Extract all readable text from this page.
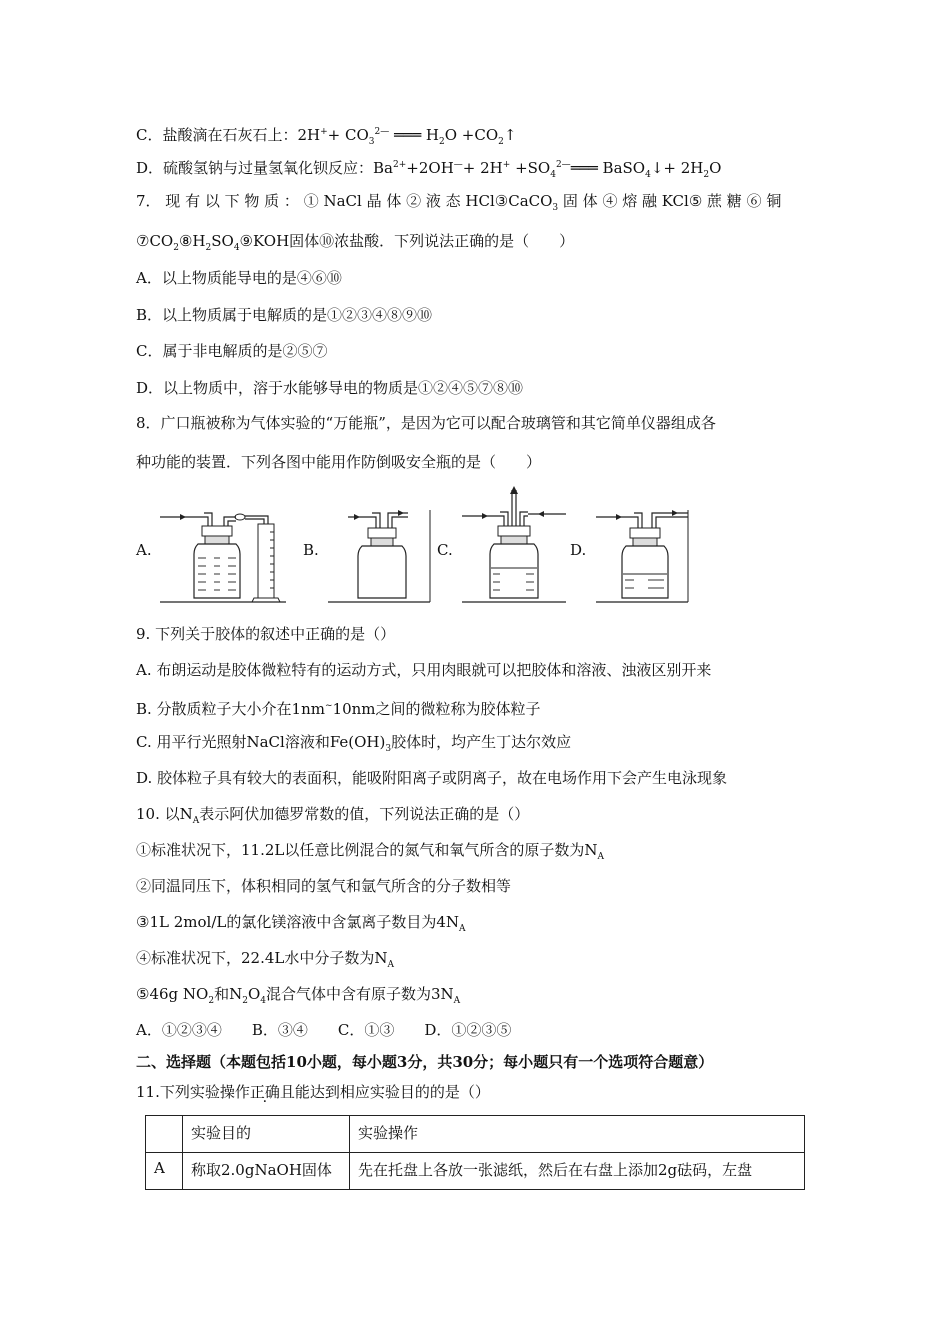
C．盐酸滴在石灰石上：$2H^++ CO_3^{2—}$ ═══ $H_2O$ $+CO_2↑$
D．硫酸氢钠与过量氢氧化钡反应：$Ba^{2+}+2OH^—+ 2H^+$ $+SO_4^{2—}═══$ BaSO$_4$↓+ $2H_2O$
7． 现 有 以 下 物 质 ： ① NaCl 晶 体 ② 液 态 HCl③CaCO$_3$ 固 体 ④ 熔 融 KCl⑤ 蔗 糖 ⑥ 铜
$⑦CO_2⑧H_2SO_4⑨KOH$固体⑩浓盐酸．下列说法正确的是（　　）
A．以上物质能导电的是④⑥⑩
B．以上物质属于电解质的是①②③④⑧⑨⑩
C．属于非电解质的是②⑤⑦
D．以上物质中，溶于水能够导电的物质是①②④⑤⑦⑧⑩
8．广口瓶被称为气体实验的“万能瓶”，是因为它可以配合玻璃管和其它简单仪器组成各
种功能的装置．下列各图中能用作防倒吸安全瓶的是（　　）
A.	B.	C.	D.
9. 下列关于胶体的叙述中正确的是（）
A. 布朗运动是胶体微粒特有的运动方式，只用肉眼就可以把胶体和溶液、浊液区别开来
B. 分散质粒子大小介在1nm~10nm之间的微粒称为胶体粒子
C. 用平行光照射NaCl溶液和$Fe(OH)_3$胶体时，均产生丁达尔效应
D. 胶体粒子具有较大的表面积，能吸附阳离子或阴离子，故在电场作用下会产生电泳现象
10. 以$N_A$表示阿伏加德罗常数的值，下列说法正确的是（）
①标准状况下，11.2L以任意比例混合的氮气和氧气所含的原子数为$N_A$
②同温同压下，体积相同的氢气和氩气所含的分子数相等
③1L 2mol/L的氯化镁溶液中含氯离子数目为$4N_A$
④标准状况下，22.4L水中分子数为$N_A$
⑤46g $NO_2$和$N_2O_4$混合气体中含有原子数为$3N_A$
A．①②③④　　B．③④　　C．①③　　D．①②③⑤
二、选择题（本题包括10小题，每小题3分，共30分；每小题只有一个选项符合题意）
11.下列实验操作正确且能达到相应实验目的的是（）
	实验目的	实验操作
A	称取2.0gNaOH固体	先在托盘上各放一张滤纸，然后在右盘上添加2g砝码，左盘
